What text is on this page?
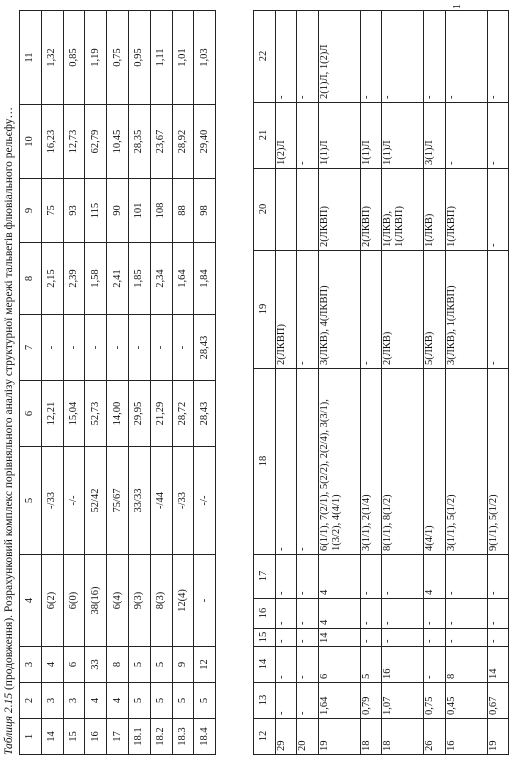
Таблиця 2.15 (продовження). Розрахунковий комплекс порівняльного аналізу структурної мережі тальвегів флювіального рельєфу…
1	2	3	4	5	6	7	8	9	10	11
14	3	4	6(2)	-/33	12,21	-	2,15	75	16,23	1,32
15	3	6	6(0)	-/-	15,04	-	2,39	93	12,73	0,85
16	4	33	38(16)	52/42	52,73	-	1,58	115	62,79	1,19
17	4	8	6(4)	75/67	14,00	-	2,41	90	10,45	0,75
18.1	5	5	9(3)	33/33	29,95	-	1,85	101	28,35	0,95
18.2	5	5	8(3)	-/44	21,29	-	2,34	108	23,67	1,11
18.3	5	9	12(4)	-/33	28,72	-	1,64	88	28,92	1,01
18.4	5	12	-	-/-	28,43	28,43	1,84	98	29,40	1,03
12	13	14	15	16	17	18	19	20	21	22
29	-	-	-	-	-	-	2(ЛКВП)		1(2)Л	-
20	-	-	-	-	-	-	-		-	-
19	1,64	6	14	4	4	6(1/1), 7(2/1), 5(2/2), 2(2/4), 3(3/1), 1(3/2), 4(4/1)	3(ЛКВ), 4(ЛКВП)	2(ЛКВП)	1(1)Л	2(1)Л, 1(2)Л
18	0,79	5	-	-	-	3(1/1), 2(1/4)	-	2(ЛКВП)	1(1)Л	-
18	1,07	16	-	-	-	8(1/1), 8(1/2)	2(ЛКВ)	1(ЛКВ), 1(ЛКВП)	1(1)Л	-
26	0,75	-	-	-	4	4(4/1)	5(ЛКВ)	1(ЛКВ)	3(1)Л	-
16	0,45	8	-	-	-	3(1/1), 5(1/2)	3(ЛКВ), 1(ЛКВП)	1(ЛКВП)	-	-
19	0,67	14	-	-	-	9(1/1), 5(1/2)	-	-	-	-
1
